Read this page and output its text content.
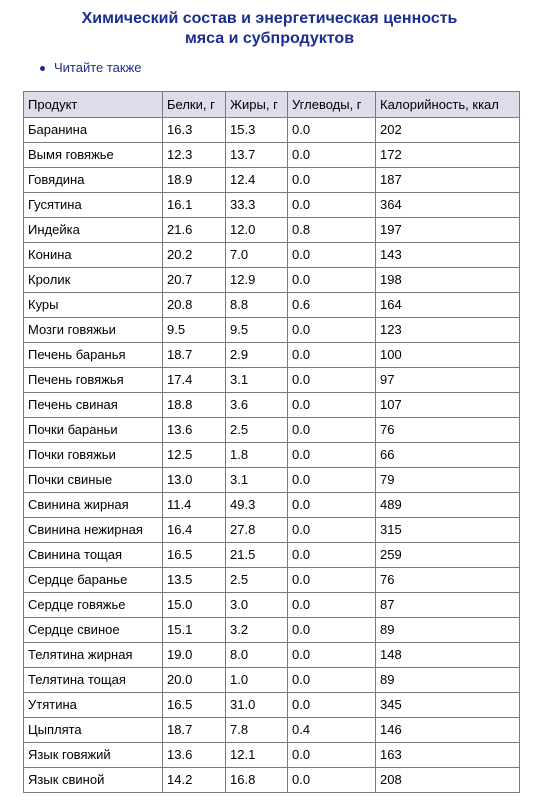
Химический состав и энергетическая ценность
мяса и субпродуктов
Читайте также
Продукт	Белки, г	Жиры, г	Углеводы, г	Калорийность, ккал
Баранина	16.3	15.3	0.0	202
Вымя говяжье	12.3	13.7	0.0	172
Говядина	18.9	12.4	0.0	187
Гусятина	16.1	33.3	0.0	364
Индейка	21.6	12.0	0.8	197
Конина	20.2	7.0	0.0	143
Кролик	20.7	12.9	0.0	198
Куры	20.8	8.8	0.6	164
Мозги говяжьи	9.5	9.5	0.0	123
Печень баранья	18.7	2.9	0.0	100
Печень говяжья	17.4	3.1	0.0	97
Печень свиная	18.8	3.6	0.0	107
Почки бараньи	13.6	2.5	0.0	76
Почки говяжьи	12.5	1.8	0.0	66
Почки свиные	13.0	3.1	0.0	79
Свинина жирная	11.4	49.3	0.0	489
Свинина нежирная	16.4	27.8	0.0	315
Свинина тощая	16.5	21.5	0.0	259
Сердце баранье	13.5	2.5	0.0	76
Сердце говяжье	15.0	3.0	0.0	87
Сердце свиное	15.1	3.2	0.0	89
Телятина жирная	19.0	8.0	0.0	148
Телятина тощая	20.0	1.0	0.0	89
Утятина	16.5	31.0	0.0	345
Цыплята	18.7	7.8	0.4	146
Язык говяжий	13.6	12.1	0.0	163
Язык свиной	14.2	16.8	0.0	208
